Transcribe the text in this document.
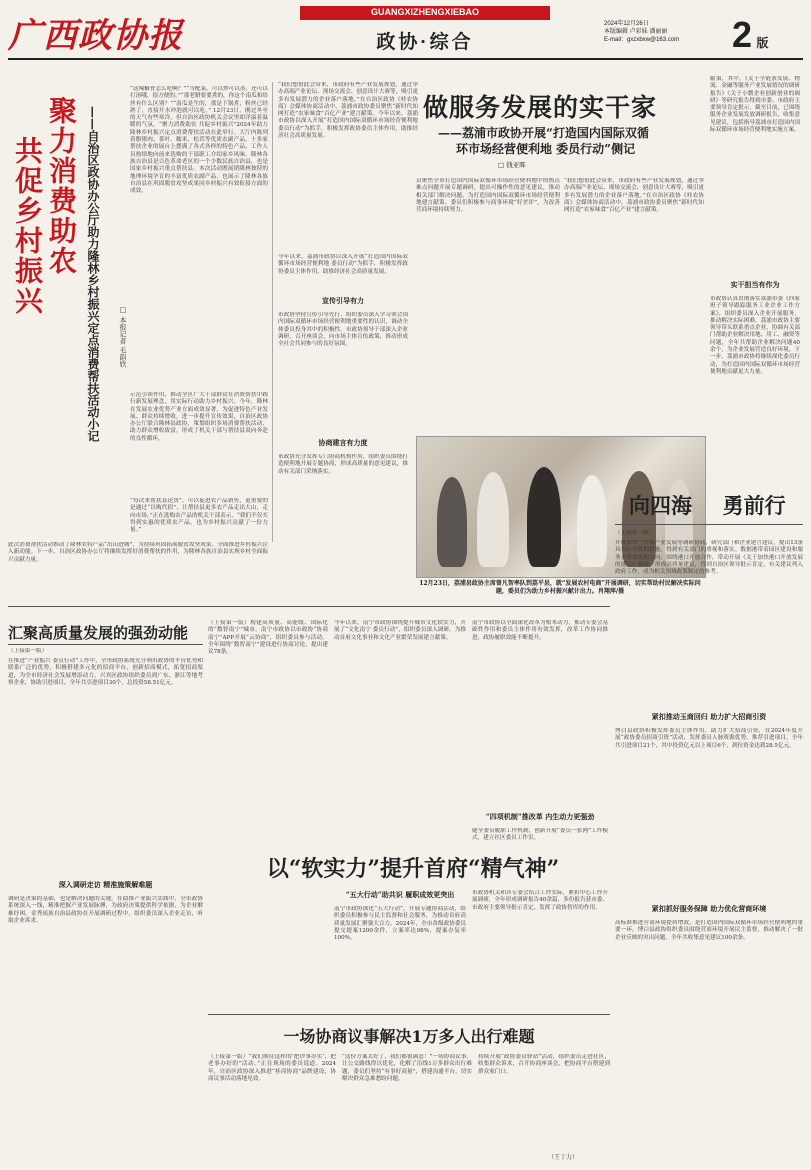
广西政协报
GUANGXIZHENGXIEBAO
政协·综合
2024年12月26日
本版编辑 卢彩妹 潘丽丽
E-mail：gxzxbxw@163.com 2 版
聚力消费助农
共促乡村振兴	——自治区政协办公厅助力隆林乡村振兴定点消费帮扶活动小记	□ 本报记者 毛韵欣
“这辣椒骨怎么吃啊？”“当配菜，可以炒可以蒸，还可以打汤哦，很方便的。”“那老腊要要煮的，你这个南瓜和给丝有什么区别？”“南瓜是生的，那是下锅煮；粉丝已经熟了，直接开水冲泡就可以吃。” 12月23日，刚过冬至的天气有些寒冷，但自治区政协机关会议里却洋溢着温暖的气氛，“聚力消费助农 共促乡村振兴”2024年助力隆林乡村振兴定点消费帮扶活动在此举行。大厅内陈列着腊猪肉、茶叶、糯米、松茸等优质农副产品，十多家帮扶企业的展台上摆满了各式各样的特色产品，工作人员热情地向前来选购的干部职工介绍家乡风味。隆林各族自治县是百色革命老区的一个少数民族自治县，也是国家乡村振兴重点帮扶县。本次活动既展销隆林独特的地理环境孕育的丰富优质农副产品，也展示了隆林各族自治县在巩固脱贫攻坚成果同乡村振兴有效衔接方面的成效。
示范引领作用，推动全区广大干部群众在消费帮扶中践行新发展理念，用实际行动助力乡村振兴。今年，隆林在发展农业优势产业方面成效显著，为促进特色产业发展、群众持续增收，进一步提升宣传效果，自治区政协办公厅联合隆林县政协，策划组织多场消费帮扶活动，助力群众增收致富，形成了机关干部与帮扶县双向奔赴的良性循环。
“每次来帮扶县送货”，可以促进农产品销售，更重要的是通过“以购代捐”，让帮扶县更多农产品走出大山，走向市场。”正在选购农产品的机关干部表示，“我们不仅买得到实惠的优质农产品，也为乡村振兴贡献了一份力量。”
此次消费帮扶活动推动了隆林农特产品“出山进城”，为持续巩固拓展脱贫攻坚成果、全面推进乡村振兴注入新动能。下一步，自治区政协办公厅将继续发挥好消费帮扶的作用，为隆林各族自治县实现乡村全面振兴贡献力量。
“我们想借此会带来，市政府有些产业发展规划，通过举办高端产业论坛、现场交流会、创意设计大赛等，吸引更多有发展潜力的企业落户落地。”在自治区政协《桂农协商》会媒体协商活动中，荔浦市政协委员聚焦“新时代知网打造”农家味食”百亿产业”建言献策。今年以来，荔浦市政协以深入开展“打造国内国际双循环市场经营便利地 委员行动”为抓手，积极发挥政协委员主体作用，助推经济社会高质量发展。
做服务发展的实干家
——荔浦市政协开展“打造国内国际双循
环市场经营便利地 委员行动”侧记
□ 钱亚晖
献策，其中，《关于全链条发展、物流、金融等服务产业发展情况的调研报告》《关于小微企业创新创业的调研》等研究报告得到市委、市政府主要领导肯定批示。截至目前，已围绕服务企业发展发放调研报告，收集意见建议，包括指导荔浦市打造国内国际双循环市场经营便利地实施方案。
今年以来，荔浦市政协以深入开展“打造国内国际双循环市场经营便利地 委员行动”为抓手，积极发挥政协委员主体作用，助推经济社会高质量发展。
宣传引导有力
市政协坚持宣传引导先行，组织委员深入学习领会国内国际双循环市场经营便利地重要性的认识，调动全体委员投身其中的积极性。市政协领导干部深入企业调研，召开座谈会，向市场主体宣传政策，推动形成全社会共同参与的良好氛围。
协商建言有力度
市政协充分发挥专门协商机构作用，组织委员围绕打造便利地开展专题协商，形成高质量的意见建议，推动有关部门采纳落实。
员聚焦全市打造国内国际双循环市场经营便利地中的热点难点问题开展专题调研，提出可操作性的意见建议，推动相关部门解决问题，为打造国内国际双循环市场经营便利地建言献策。委员们积极参与商事环境“好差评”，为改善营商环境持续努力。
“我们想借此会带来，市政府有些产业发展规划，通过举办高端产业论坛、现场交流会、创意设计大赛等，吸引更多有发展潜力的企业落户落地。”在自治区政协《桂农协商》会媒体协商活动中，荔浦市政协委员聚焦“新时代知网打造”农家味食”百亿产业”建言献策。
实干担当有作为
市政协认真贯彻落实荔浦市委《四家班子领导跟踪服务工业企业工作方案》，组织委员深入企业开展服务，推动解决实际困难。荔浦市政协主要领导带头联系重点企业，协调有关部门帮助企业解决用地、用工、融资等问题，全年共帮助企业解决问题40余个，为企业发展营造良好环境。下一步，荔浦市政协将继续深化委员行动，为打造国内国际双循环市场经营便利地贡献更大力量。
12月23日，荔浦县政协主席曾凡智率队到荔平县，就“发展农村电商”开展调研，切实帮助村民解决实际问题，委员们为助力乡村振兴献计出力。肖翔萍/摄
向四海 勇前行
（上接第一版）
开展加快兰竹梅产业发展等调研协商，研究部门和企业建言建议，提出13条具有针对性的措施，得到有关部门的重视和落实。数据港带着园区建设和服务企业发展的方向，围绕港口开放合作，带动开展《关于加快港口开放发展的建议》调研，形成高质量建议，得到自治区领导批示肯定，有关建议列入政府工作，成为相关领域政策制定的参考。
紧扣推动玉商回归 助力扩大招商引资
博白县政协积极发挥委员主体作用，助力扩大招商引资，在2024年度开展“政协委员招商引资”活动，发挥委员人脉资源优势，推荐引进项目，全年共引进项目21个，其中投资亿元以上项目6个，到位资金达到28.5亿元。
紧扣抓好服务保障 助力优化营商环境
高标准推进营商环境提质增效，是打造国内国际双循环市场经营便利地的重要一环。博白县政协组织委员围绕营商环境开展民主监督，推动解决了一批企业反映的突出问题，全年共收集意见建议100余条。
汇聚高质量发展的强劲动能
（上接第一版）
在推进“产业振兴 委员行动”工作中，全市政协系统充分利用政协的平台优势和联系广泛的优势，积极搭建多元化的招商平台，创新招商模式，拓宽招商渠道，为全市经济社会发展增添动力。兴宾区政协组织委员到广东、浙江等地考察企业，协助引进项目，全年共引进项目30个，总投资58.51亿元。
深入调研走访 精准施策解难题
调研是决策的基础，也是解决问题的关键。在助推产业振兴实践中，全市政协系统深入一线，精准把握产业发展脉搏，为政府决策提供科学依据，为企业解难纾困。金秀瑶族自治县政协在开展调研过程中，组织委员深入企业走访，听取企业诉求。
（上接第一版）构建高质量、高能级、国际化的“数智南宁”城市，南宁市政协以市政协“协商南宁”APP开展“云协商”，组织委员参与活动。全年围绕“数智南宁”建设进行协商讨论，提出建议78条。
今年以来，南宁市政协围绕提升城市文化软实力，开展了“文化南宁 委员行动”，组织委员深入调研，为推动首府文化事业和文化产业繁荣发展建言献策。
“四项机制”推改革 内生动力更强劲
南宁市政协以全面深化改革为根本动力，推动专委会基础性作用和委员主体作用有效发挥，改革工作协同推进，政协履职效能不断提升。
健全委员履职工作机制，创新开展“委员一张网”工作模式，建立社区委员工作室。
以“软实力”提升首府“精气神”
“五大行动”助共识 履职成效更突出
南宁市政协深化“五大行动”，开展专题协商活动，组织委员积极参与民主监督和社会服务，为推动首府高质量发展汇聚强大合力。2024年，全市各级政协委员提交提案1200余件，立案率达98%，提案办复率100%。
市政协机关和各专委会结合工作实际，紧扣中心工作开展调研，全年形成调研报告40余篇，多份报告获市委、市政府主要领导批示肯定，发挥了政协智库的作用。
一场协商议事解决1万多人出行难题
（上接第一版）“我们期待这样的‘把钞事办实’，把老事办好的”活动。”正在现场的委员说道。2024年，自治区政协深入推进“桂商协商”品牌建设，协商议事活动落地见效。
“这份方案太好了，我们都很满意！”一场协商议事，让公交路线得以优化，化解了沿线1万多群众出行难题，委员们坚持“有事好商量”，搭建沟通平台，切实解决群众急难愁盼问题。
持续开展“政协委员驿站”活动，组织委员走进社区，收集群众诉求，召开协商座谈会，把协商平台搭建到群众家门口。
（王丁力）
